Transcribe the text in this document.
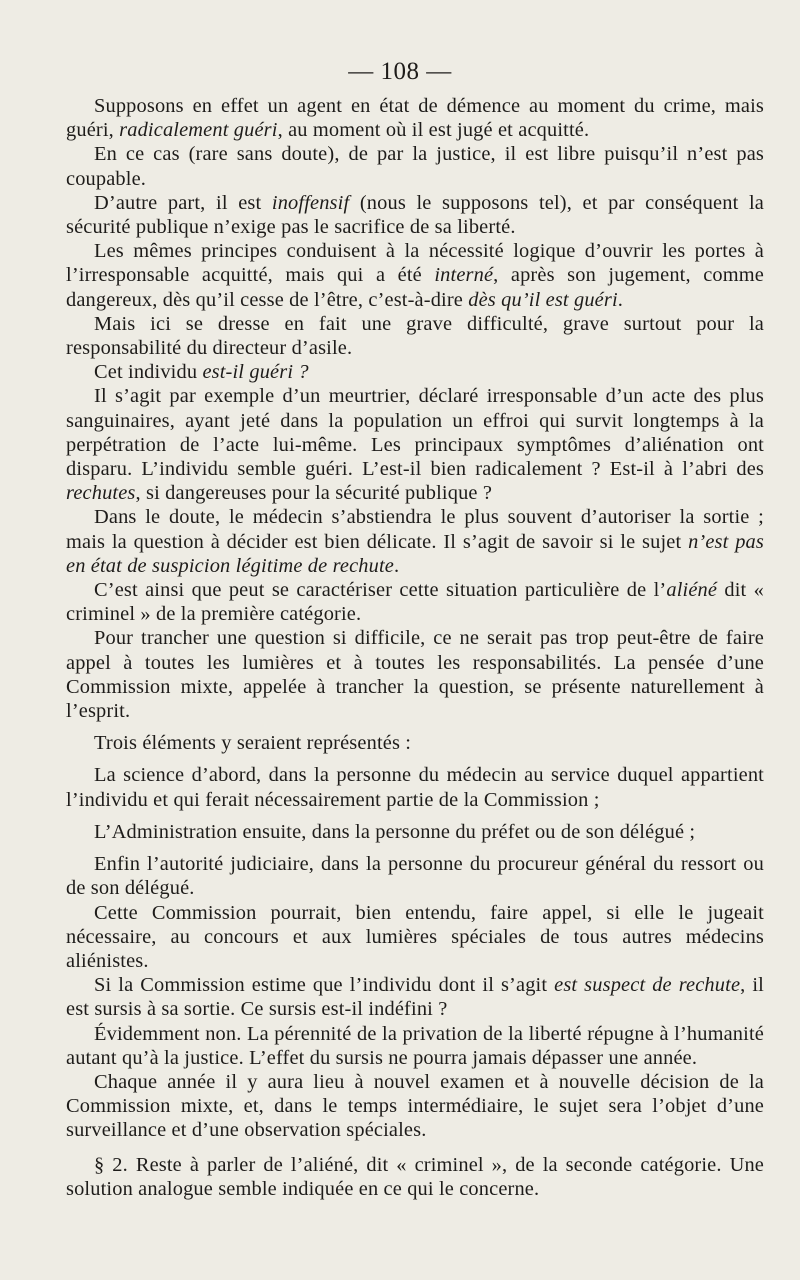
— 108 —

Supposons en effet un agent en état de démence au moment du crime, mais guéri, radicalement guéri, au moment où il est jugé et acquitté.

En ce cas (rare sans doute), de par la justice, il est libre puisqu’il n’est pas coupable.

D’autre part, il est inoffensif (nous le supposons tel), et par conséquent la sécurité publique n’exige pas le sacrifice de sa liberté.

Les mêmes principes conduisent à la nécessité logique d’ouvrir les portes à l’irresponsable acquitté, mais qui a été interné, après son jugement, comme dangereux, dès qu’il cesse de l’être, c’est-à-dire dès qu’il est guéri.

Mais ici se dresse en fait une grave difficulté, grave surtout pour la responsabilité du directeur d’asile.

Cet individu est-il guéri ?

Il s’agit par exemple d’un meurtrier, déclaré irresponsable d’un acte des plus sanguinaires, ayant jeté dans la population un effroi qui survit longtemps à la perpétration de l’acte lui-même. Les principaux symptômes d’aliénation ont disparu. L’individu semble guéri. L’est-il bien radicalement ? Est-il à l’abri des rechutes, si dangereuses pour la sécurité publique ?

Dans le doute, le médecin s’abstiendra le plus souvent d’autoriser la sortie ; mais la question à décider est bien délicate. Il s’agit de savoir si le sujet n’est pas en état de suspicion légitime de rechute.

C’est ainsi que peut se caractériser cette situation particulière de l’aliéné dit « criminel » de la première catégorie.

Pour trancher une question si difficile, ce ne serait pas trop peut-être de faire appel à toutes les lumières et à toutes les responsabilités. La pensée d’une Commission mixte, appelée à trancher la question, se présente naturellement à l’esprit.

Trois éléments y seraient représentés :

La science d’abord, dans la personne du médecin au service duquel appartient l’individu et qui ferait nécessairement partie de la Commission ;

L’Administration ensuite, dans la personne du préfet ou de son délégué ;

Enfin l’autorité judiciaire, dans la personne du procureur général du ressort ou de son délégué.

Cette Commission pourrait, bien entendu, faire appel, si elle le jugeait nécessaire, au concours et aux lumières spéciales de tous autres médecins aliénistes.

Si la Commission estime que l’individu dont il s’agit est suspect de rechute, il est sursis à sa sortie. Ce sursis est-il indéfini ?

Évidemment non. La pérennité de la privation de la liberté répugne à l’humanité autant qu’à la justice. L’effet du sursis ne pourra jamais dépasser une année.

Chaque année il y aura lieu à nouvel examen et à nouvelle décision de la Commission mixte, et, dans le temps intermédiaire, le sujet sera l’objet d’une surveillance et d’une observation spéciales.

§ 2. Reste à parler de l’aliéné, dit « criminel », de la seconde catégorie. Une solution analogue semble indiquée en ce qui le concerne.
